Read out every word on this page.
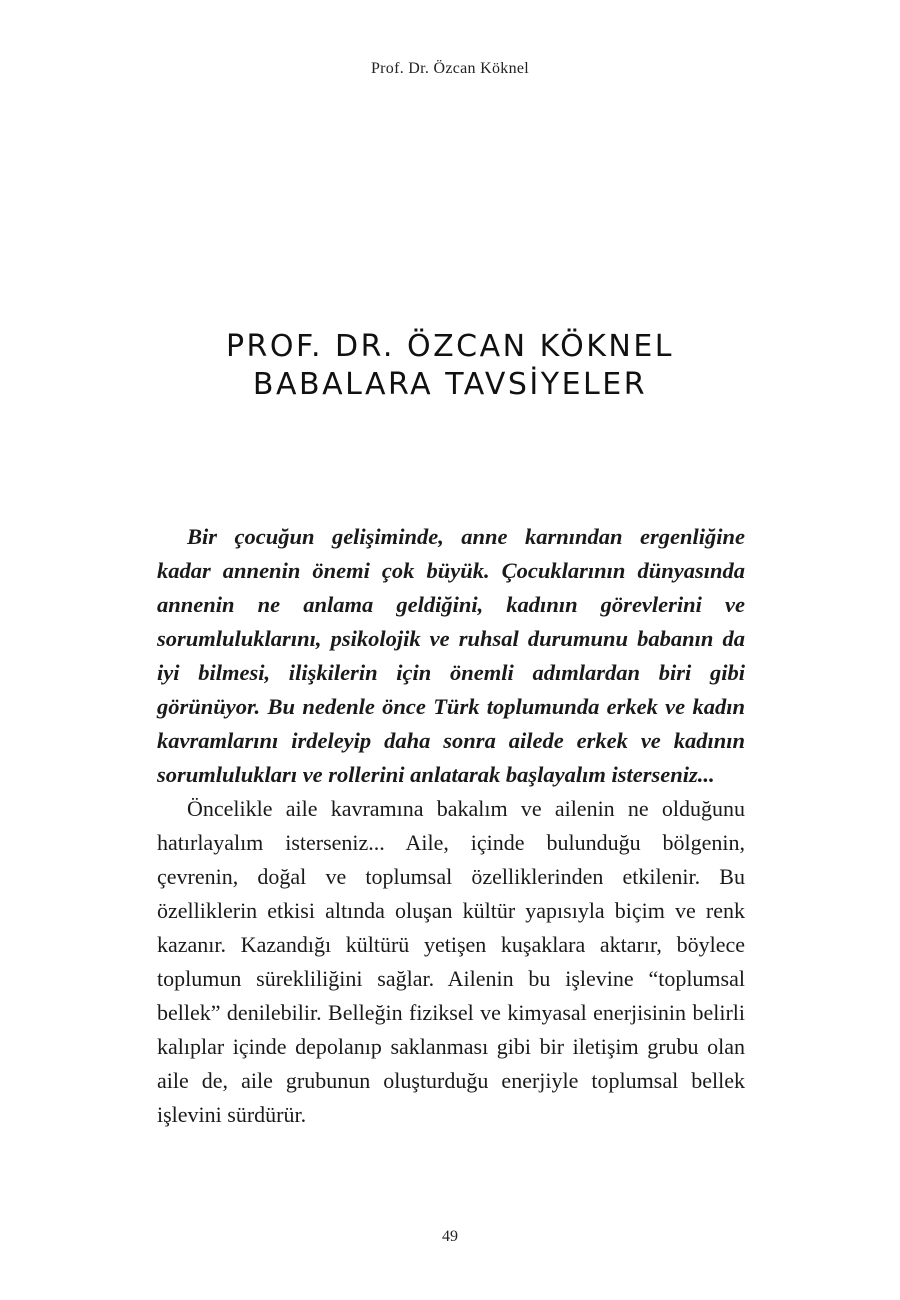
Prof. Dr. Özcan Köknel
PROF. DR. ÖZCAN KÖKNEL
BABALARA TAVSİYELER

Bir çocuğun gelişiminde, anne karnından ergenliğine kadar annenin önemi çok büyük. Çocuklarının dünyasında annenin ne anlama geldiğini, kadının görevlerini ve sorumluluklarını, psikolojik ve ruhsal durumunu babanın da iyi bilmesi, ilişkilerin için önemli adımlardan biri gibi görünüyor. Bu nedenle önce Türk toplumunda erkek ve kadın kavramlarını irdeleyip daha sonra ailede erkek ve kadının sorumlulukları ve rollerini anlatarak başlayalım isterseniz...

Öncelikle aile kavramına bakalım ve ailenin ne olduğunu hatırlayalım isterseniz... Aile, içinde bulunduğu bölgenin, çevrenin, doğal ve toplumsal özelliklerinden etkilenir. Bu özelliklerin etkisi altında oluşan kültür yapısıyla biçim ve renk kazanır. Kazandığı kültürü yetişen kuşaklara aktarır, böylece toplumun sürekliliğini sağlar. Ailenin bu işlevine “toplumsal bellek” denilebilir. Belleğin fiziksel ve kimyasal enerjisinin belirli kalıplar içinde depolanıp saklanması gibi bir iletişim grubu olan aile de, aile grubunun oluşturduğu enerjiyle toplumsal bellek işlevini sürdürür.

49
